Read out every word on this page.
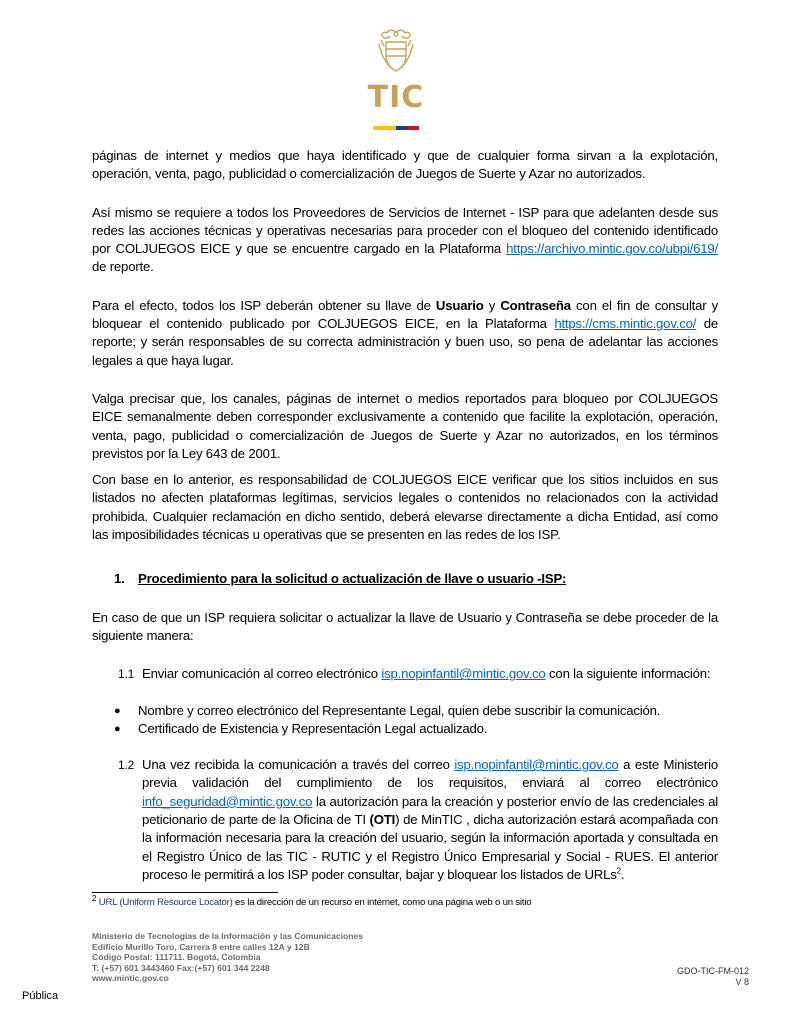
TIC

páginas de internet y medios que haya identificado y que de cualquier forma sirvan a la explotación, operación, venta, pago, publicidad o comercialización de Juegos de Suerte y Azar no autorizados.

Así mismo se requiere a todos los Proveedores de Servicios de Internet - ISP para que adelanten desde sus redes las acciones técnicas y operativas necesarias para proceder con el bloqueo del contenido identificado por COLJUEGOS EICE y que se encuentre cargado en la Plataforma https://archivo.mintic.gov.co/ubpi/619/ de reporte.

Para el efecto, todos los ISP deberán obtener su llave de Usuario y Contraseña con el fin de consultar y bloquear el contenido publicado por COLJUEGOS EICE, en la Plataforma https://cms.mintic.gov.co/ de reporte; y serán responsables de su correcta administración y buen uso, so pena de adelantar las acciones legales a que haya lugar.

Valga precisar que, los canales, páginas de internet o medios reportados para bloqueo por COLJUEGOS EICE semanalmente deben corresponder exclusivamente a contenido que facilite la explotación, operación, venta, pago, publicidad o comercialización de Juegos de Suerte y Azar no autorizados, en los términos previstos por la Ley 643 de 2001.

Con base en lo anterior, es responsabilidad de COLJUEGOS EICE verificar que los sitios incluidos en sus listados no afecten plataformas legítimas, servicios legales o contenidos no relacionados con la actividad prohibida. Cualquier reclamación en dicho sentido, deberá elevarse directamente a dicha Entidad, así como las imposibilidades técnicas u operativas que se presenten en las redes de los ISP.

1. Procedimiento para la solicitud o actualización de llave o usuario -ISP:

En caso de que un ISP requiera solicitar o actualizar la llave de Usuario y Contraseña se debe proceder de la siguiente manera:

1.1 Enviar comunicación al correo electrónico isp.nopinfantil@mintic.gov.co con la siguiente información:
●	Nombre y correo electrónico del Representante Legal, quien debe suscribir la comunicación.
●	Certificado de Existencia y Representación Legal actualizado.
1.2 Una vez recibida la comunicación a través del correo isp.nopinfantil@mintic.gov.co a este Ministerio previa validación del cumplimiento de los requisitos, enviará al correo electrónico info_seguridad@mintic.gov.co la autorización para la creación y posterior envío de las credenciales al peticionario de parte de la Oficina de TI (OTI) de MinTIC , dicha autorización estará acompañada con la información necesaria para la creación del usuario, según la información aportada y consultada en el Registro Único de las TIC - RUTIC y el Registro Único Empresarial y Social - RUES. El anterior proceso le permitirá a los ISP poder consultar, bajar y bloquear los listados de URLs$^2$.
$^2$ URL (Uniform Resource Locator) es la dirección de un recurso en internet, como una página web o un sitio
Ministerio de Tecnologías de la Información y las Comunicaciones
Edificio Murillo Toro, Carrera 8 entre calles 12A y 12B
Código Postal: 111711. Bogotá, Colombia
T: (+57) 601 3443460 Fax:(+57) 601 344 2248
www.mintic.gov.co
GDO-TIC-FM-012
V 8
Pública
